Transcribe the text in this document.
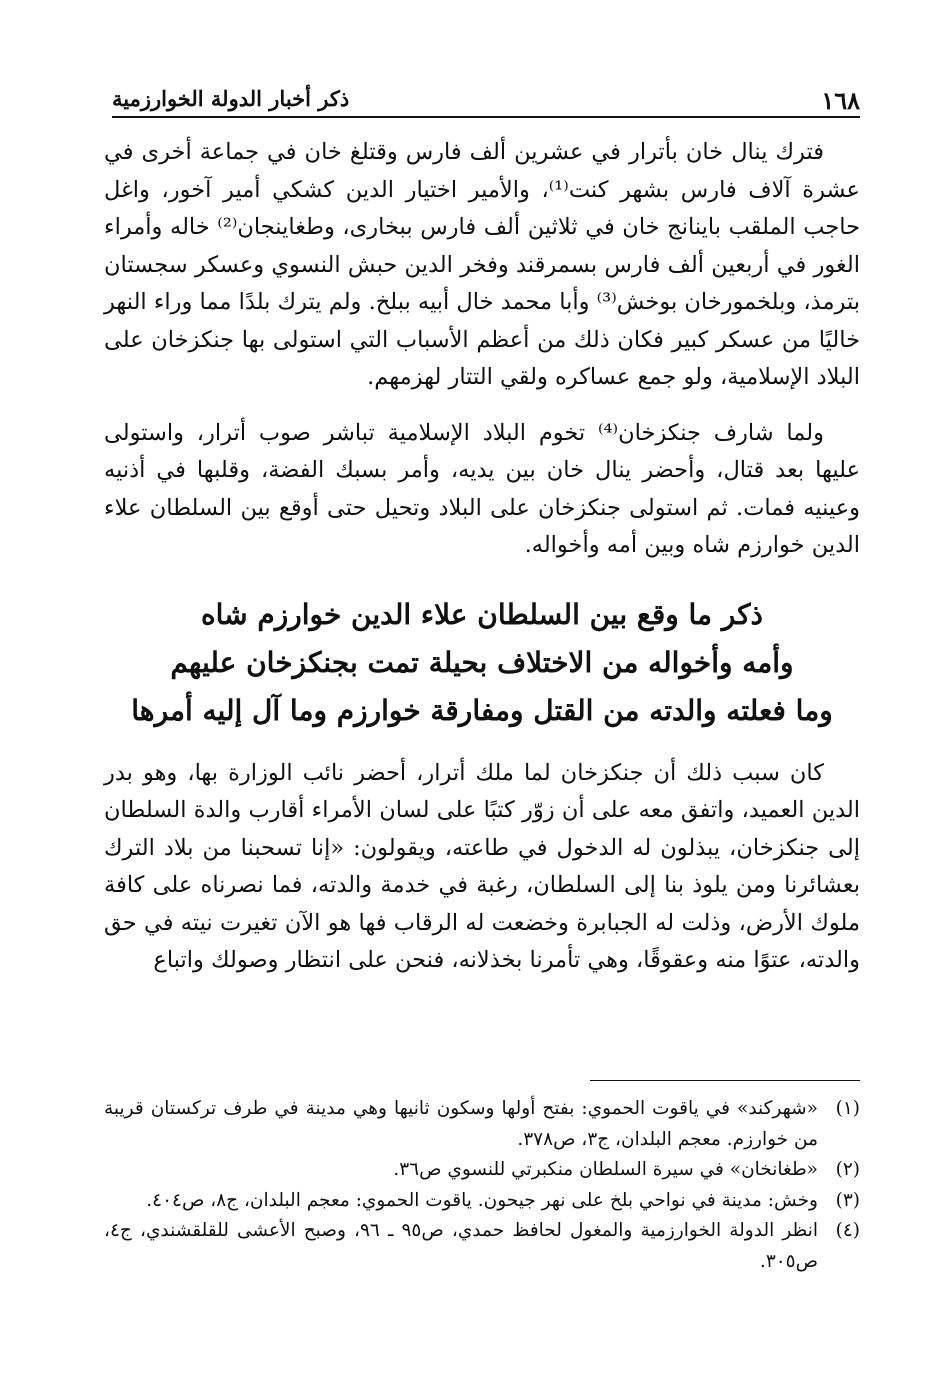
١٦٨
ذكر أخبار الدولة الخوارزمية

فترك ينال خان بأترار في عشرين ألف فارس وقتلغ خان في جماعة أخرى في عشرة آلاف فارس بشهر كنت⁽¹⁾، والأمير اختيار الدين كشكي أمير آخور، واغل حاجب الملقب باينانج خان في ثلاثين ألف فارس ببخارى، وطغاينجان⁽²⁾ خاله وأمراء الغور في أربعين ألف فارس بسمرقند وفخر الدين حبش النسوي وعسكر سجستان بترمذ، وبلخمورخان بوخش⁽³⁾ وأبا محمد خال أبيه ببلخ. ولم يترك بلدًا مما وراء النهر خاليًا من عسكر كبير فكان ذلك من أعظم الأسباب التي استولى بها جنكزخان على البلاد الإسلامية، ولو جمع عساكره ولقي التتار لهزمهم.

ولما شارف جنكزخان⁽⁴⁾ تخوم البلاد الإسلامية تباشر صوب أترار، واستولى عليها بعد قتال، وأحضر ينال خان بين يديه، وأمر بسبك الفضة، وقلبها في أذنيه وعينيه فمات. ثم استولى جنكزخان على البلاد وتحيل حتى أوقع بين السلطان علاء الدين خوارزم شاه وبين أمه وأخواله.

ذكر ما وقع بين السلطان علاء الدين خوارزم شاه
وأمه وأخواله من الاختلاف بحيلة تمت بجنكزخان عليهم
وما فعلته والدته من القتل ومفارقة خوارزم وما آل إليه أمرها

كان سبب ذلك أن جنكزخان لما ملك أترار، أحضر نائب الوزارة بها، وهو بدر الدين العميد، واتفق معه على أن زوّر كتبًا على لسان الأمراء أقارب والدة السلطان إلى جنكزخان، يبذلون له الدخول في طاعته، ويقولون: «إنا تسحبنا من بلاد الترك بعشائرنا ومن يلوذ بنا إلى السلطان، رغبة في خدمة والدته، فما نصرناه على كافة ملوك الأرض، وذلت له الجبابرة وخضعت له الرقاب فها هو الآن تغيرت نيته في حق والدته، عتوًا منه وعقوقًا، وهي تأمرنا بخذلانه، فنحن على انتظار وصولك واتباع

(١)
«شهركند» في ياقوت الحموي: بفتح أولها وسكون ثانيها وهي مدينة في طرف تركستان قريبة من خوارزم. معجم البلدان، ج٣، ص٣٧٨.

(٢)
«طغانخان» في سيرة السلطان منكبرتي للنسوي ص٣٦.

(٣)
وخش: مدينة في نواحي بلخ على نهر جيحون. ياقوت الحموي: معجم البلدان، ج٨، ص٤٠٤.

(٤)
انظر الدولة الخوارزمية والمغول لحافظ حمدي، ص٩٥ ـ ٩٦، وصبح الأعشى للقلقشندي، ج٤، ص٣٠٥.
